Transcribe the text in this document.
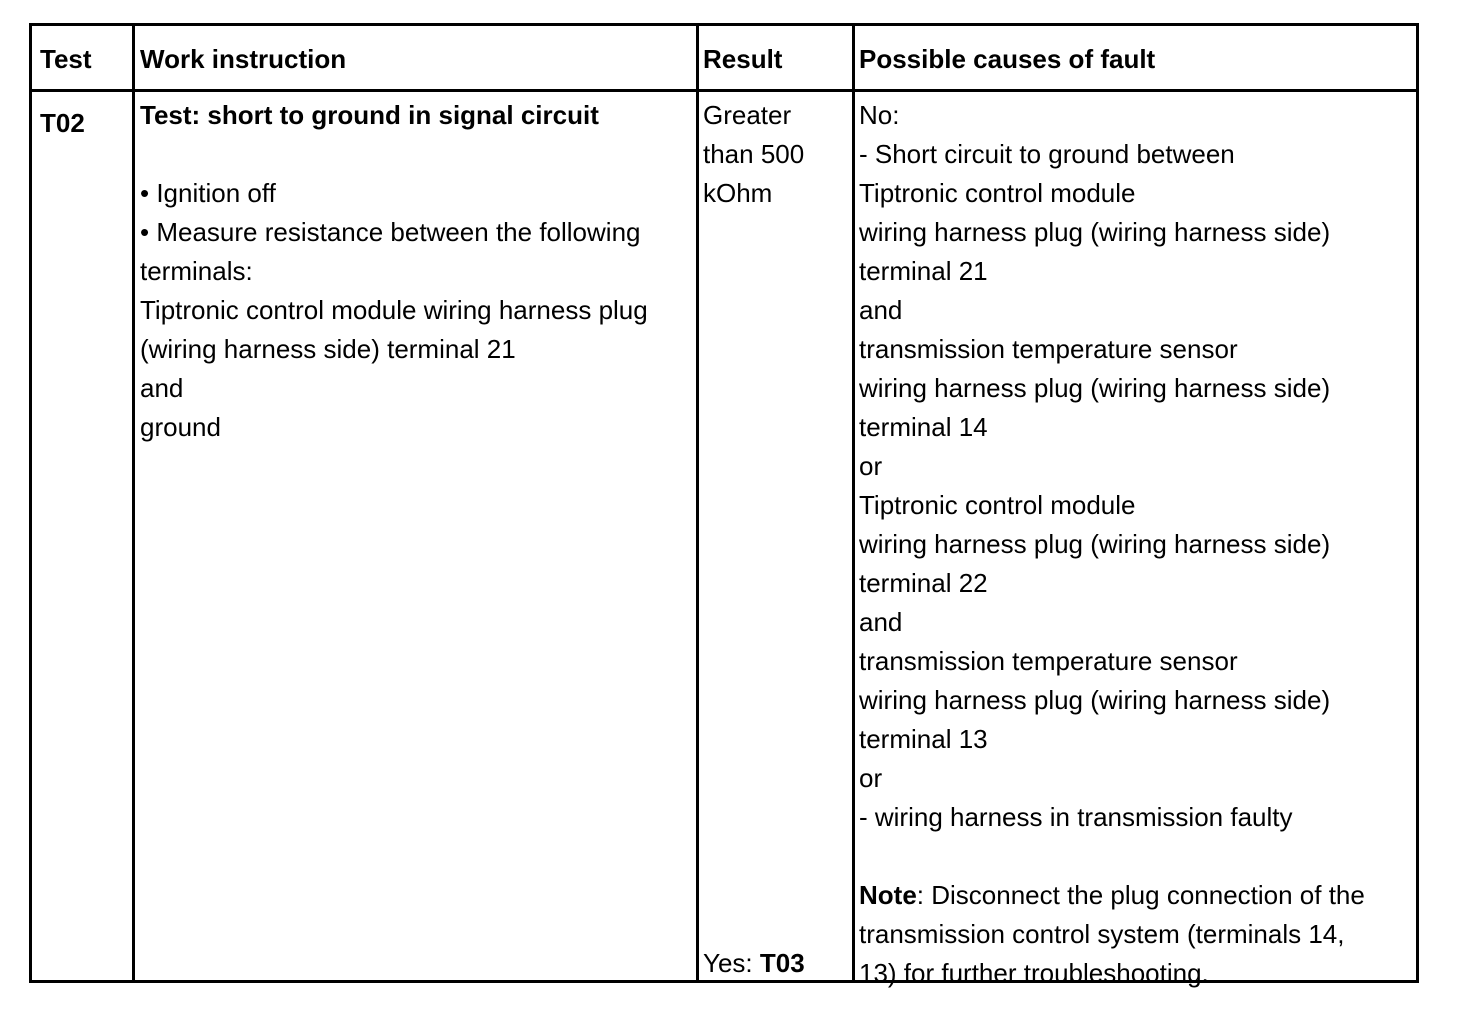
Test Work instruction	Result	Possible causes of fault
T02 Test: short to ground in signal circuit
• Ignition off
• Measure resistance between the following
terminals:
Tiptronic control module wiring harness plug
(wiring harness side) terminal 21
and
ground
Greater
than 500
kOhm
Yes: T03
No:
- Short circuit to ground between
Tiptronic control module
wiring harness plug (wiring harness side)
terminal 21
and
transmission temperature sensor
wiring harness plug (wiring harness side)
terminal 14
or
Tiptronic control module
wiring harness plug (wiring harness side)
terminal 22
and
transmission temperature sensor
wiring harness plug (wiring harness side)
terminal 13
or
- wiring harness in transmission faulty
Note: Disconnect the plug connection of the
transmission control system (terminals 14,
13) for further troubleshooting.
